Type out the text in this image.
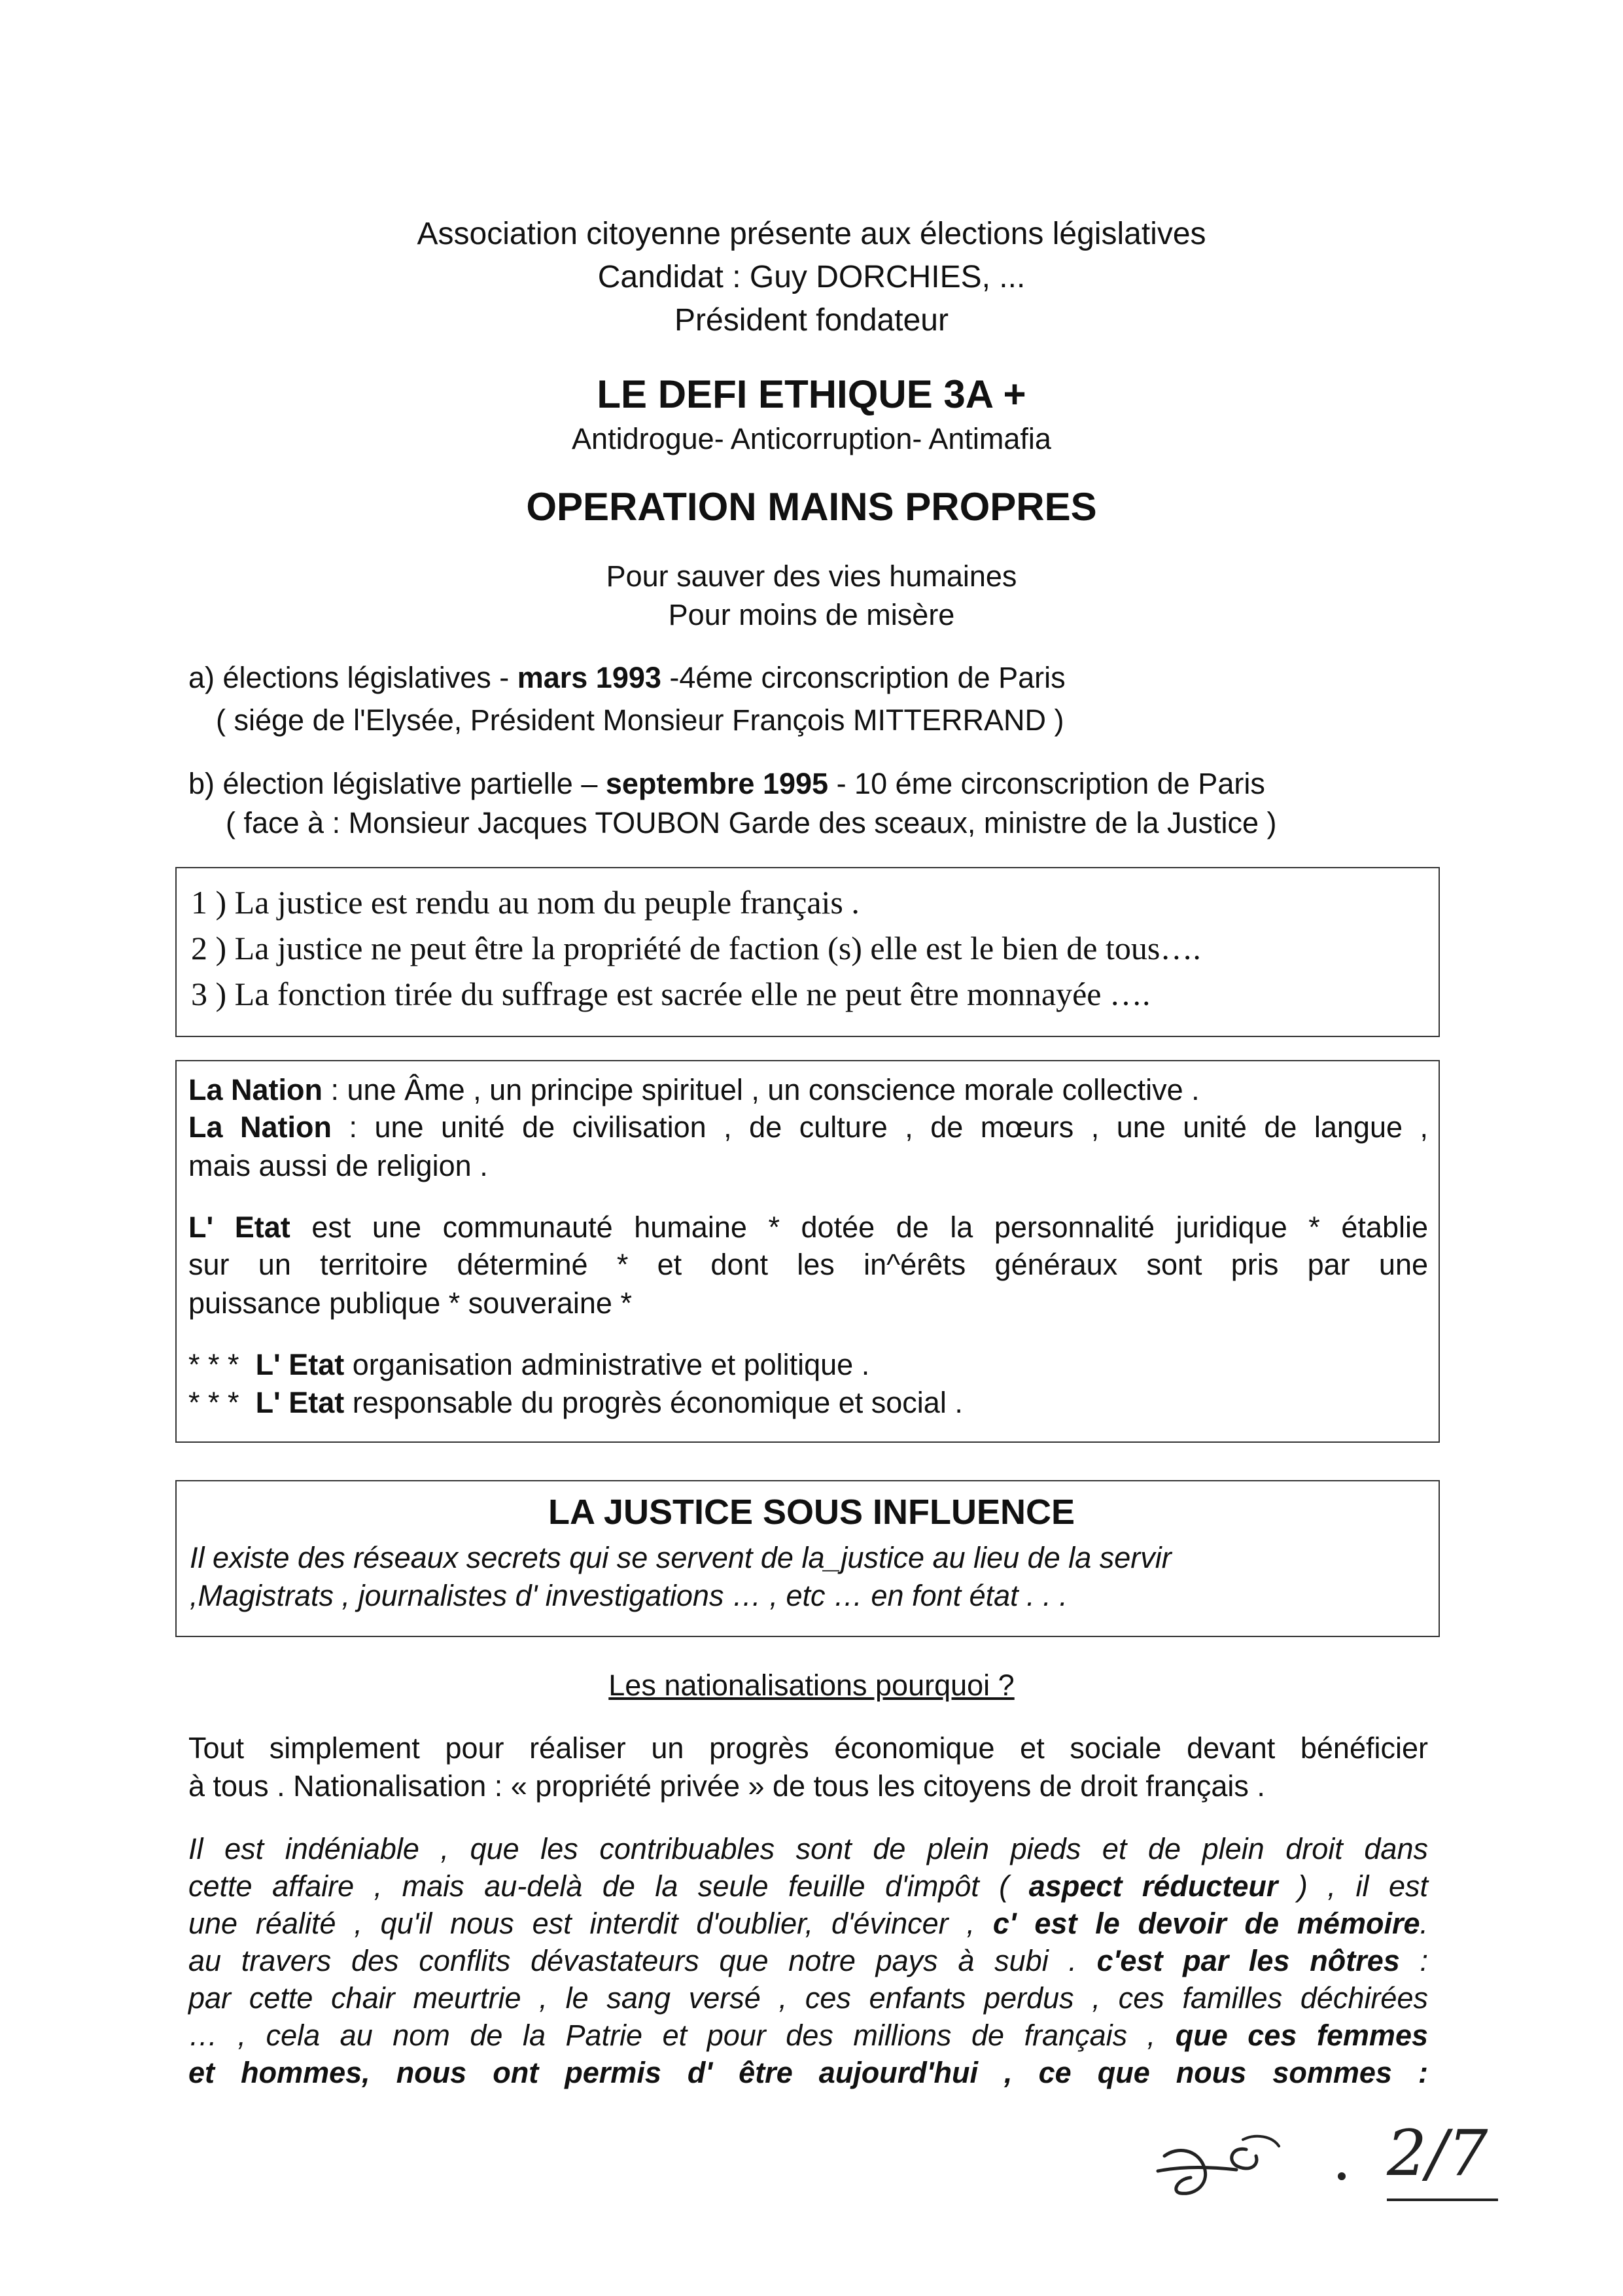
Association citoyenne présente aux élections législatives
Candidat : Guy DORCHIES, ...
Président fondateur
LE DEFI ETHIQUE 3A +
Antidrogue- Anticorruption- Antimafia
OPERATION MAINS PROPRES
Pour sauver des vies humaines
Pour moins de misère
a) élections législatives - mars 1993 -4éme circonscription de Paris
( siége de l'Elysée, Président Monsieur François MITTERRAND )
b) élection législative partielle – septembre 1995 - 10 éme circonscription de Paris
( face à : Monsieur Jacques TOUBON Garde des sceaux, ministre de la Justice )
1 ) La justice est rendu au nom du peuple français .
2 ) La justice ne peut être la propriété de faction (s) elle est le bien de tous….
3 ) La fonction tirée du suffrage est sacrée elle ne peut être monnayée ….
La Nation : une Âme , un principe spirituel , un conscience morale collective .
La Nation : une unité de civilisation , de culture , de mœurs , une unité de langue ,
mais aussi de religion .
L' Etat est une communauté humaine * dotée de la personnalité juridique * établie
sur un territoire déterminé * et dont les in^érêts généraux sont pris par une
puissance publique * souveraine *
* * * L' Etat organisation administrative et politique .
* * * L' Etat responsable du progrès économique et social .
LA JUSTICE SOUS INFLUENCE
Il existe des réseaux secrets qui se servent de la_justice au lieu de la servir
,Magistrats , journalistes d' investigations … , etc … en font état . . .
Les nationalisations pourquoi ?
Tout simplement pour réaliser un progrès économique et sociale devant bénéficier
à tous . Nationalisation : « propriété privée » de tous les citoyens de droit français .
Il est indéniable , que les contribuables sont de plein pieds et de plein droit dans
cette affaire , mais au-delà de la seule feuille d'impôt ( aspect réducteur ) , il est
une réalité , qu'il nous est interdit d'oublier, d'évincer , c' est le devoir de mémoire.
au travers des conflits dévastateurs que notre pays à subi . c'est par les nôtres :
par cette chair meurtrie , le sang versé , ces enfants perdus , ces familles déchirées
… , cela au nom de la Patrie et pour des millions de français , que ces femmes
et hommes, nous ont permis d' être aujourd'hui , ce que nous sommes :
2/7
